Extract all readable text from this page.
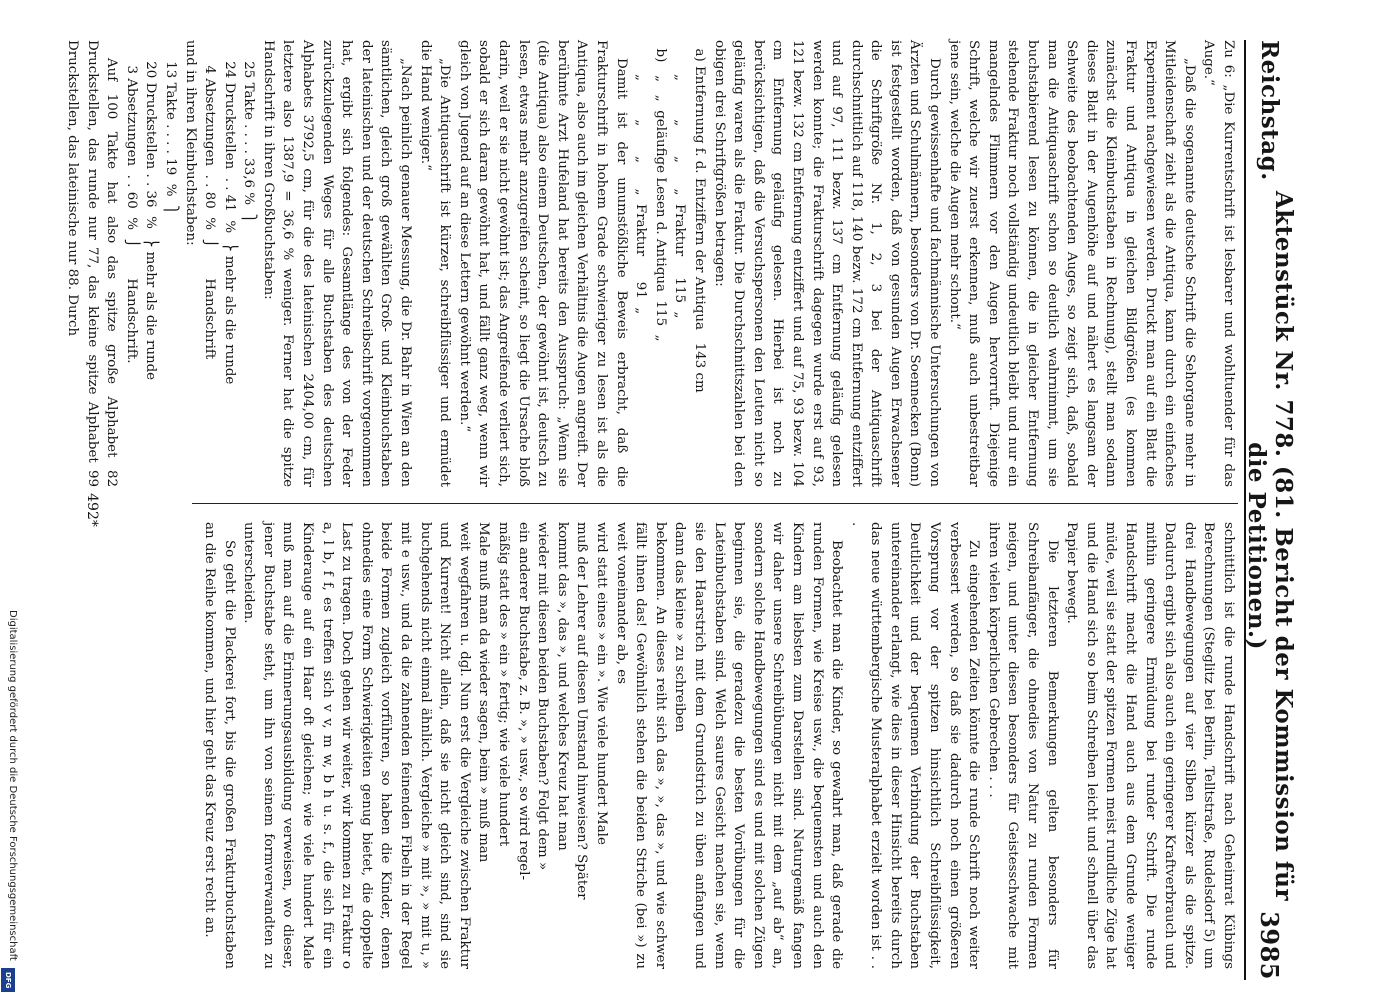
Reichstag.
Aktenstück Nr. 778. (81. Bericht der Kommission für die Petitionen.)
3985

Zu 6: „Die Kurrentschrift ist lesbarer und wohltuender für das Auge.“

„Daß die sogenannte deutsche Schrift die Sehorgane mehr in Mitleidenschaft zieht als die Antiqua, kann durch ein einfaches Experiment nachgewiesen werden. Druckt man auf ein Blatt die Fraktur und Antiqua in gleichen Bildgrößen (es kommen zunächst die Kleinbuchstaben in Rechnung), stellt man sodann dieses Blatt in der Augenhöhe auf und nähert es langsam der Sehweite des beobachtenden Auges, so zeigt sich, daß, sobald man die Antiquaschrift schon so deutlich wahrnimmt, um sie buchstabierend lesen zu können, die in gleicher Entfernung stehende Fraktur noch vollständig undeutlich bleibt und nur ein mangelndes Flimmern vor den Augen hervorruft. Diejenige Schrift, welche wir zuerst erkennen, muß auch unbestreitbar jene sein, welche die Augen mehr schont.“

Durch gewissenhafte und fachmännische Untersuchungen von Ärzten und Schulmännern, besonders von Dr. Soennecken (Bonn) ist festgestellt worden, daß von gesunden Augen Erwachsener die Schriftgröße Nr. 1, 2, 3 bei der Antiquaschrift durchschnittlich auf 118, 140 bezw. 172 cm Entfernung entziffert und auf 97, 111 bezw. 137 cm Entfernung geläufig gelesen werden konnte; die Frakturschrift dagegen wurde erst auf 93, 121 bezw. 132 cm Entfernung entziffert und auf 75, 93 bezw. 104 cm Entfernung geläufig gelesen. Hierbei ist noch zu berücksichtigen, daß die Versuchspersonen den Leuten nicht so geläufig waren als die Fraktur. Die Durchschnittszahlen bei den obigen drei Schriftgrößen betragen:

a) Entfernung f. d. Entziffern der Antiqua   143 cm

„         „       „      „  Fraktur     115  „

b)   „   „  geläufige Lesen d. Antiqua  115  „

„         „       „      „  Fraktur      91  „

Damit ist der unumstößliche Beweis erbracht, daß die Frakturschrift in hohem Grade schwieriger zu lesen ist als die Antiqua, also auch im gleichen Verhältnis die Augen angreift. Der berühmte Arzt Hufeland hat bereits den Ausspruch: „Wenn sie (die Antiqua) also einem Deutschen, der gewöhnt ist, deutsch zu lesen, etwas mehr anzugreifen scheint, so liegt die Ursache bloß darin, weil er sie nicht gewöhnt ist; das Angreifende verliert sich, sobald er sich daran gewöhnt hat, und fällt ganz weg, wenn wir gleich von Jugend auf an diese Lettern gewöhnt werden.“

„Die Antiquaschrift ist kürzer, schreibflüssiger und ermüdet die Hand weniger.“

„Nach peinlich genauer Messung, die Dr. Bahr in Wien an den sämtlichen, gleich groß gewählten Groß- und Kleinbuchstaben der lateinischen und der deutschen Schreibschrift vorgenommen hat, ergibt sich folgendes: Gesamtlänge des von der Feder zurückzulegenden Weges für alle Buchstaben des deutschen Alphabets 3792,5 cm, für die des lateinischen 2404,00 cm, für letztere also 1387,9 = 36,6 % weniger. Ferner hat die spitze Handschrift in ihren Großbuchstaben:

25 Takte . . . . 33,6 %  ⎫

24 Druckstellen  . . 41  %  ⎬ mehr als die runde

4 Absetzungen  . . 80  %  ⎭       Handschrift

und in ihren Kleinbuchstaben:

13 Takte . . . . 19  %  ⎫

20 Druckstellen . . 36  %  ⎬ mehr als die runde

3 Absetzungen  . . 60  %  ⎭       Handschrift.

Auf 100 Takte hat also das spitze große Alphabet 82 Druckstellen, das runde nur 77, das kleine spitze Alphabet 99 Druckstellen, das lateinische nur 88. Durch

schnittlich ist die runde Handschrift nach Geheimrat Kübings Berechnungen (Steglitz bei Berlin, Telltstraße, Rudelsdorf 5) um drei Handbewegungen auf vier Silben kürzer als die spitze. Dadurch ergibt sich also auch ein geringerer Kraftverbrauch und mithin geringere Ermüdung bei runder Schrift. Die runde Handschrift macht die Hand auch aus dem Grunde weniger müde, weil sie statt der spitzen Formen meist rundliche Züge hat und die Hand sich so beim Schreiben leicht und schnell über das Papier bewegt.

Die letzteren Bemerkungen gelten besonders für Schreibanfänger, die ohnedies von Natur zu runden Formen neigen, und unter diesen besonders für Geistesschwache mit ihren vielen körperlichen Gebrechen . . .

Zu eingehenden Zeiten könnte die runde Schrift noch weiter verbessert werden, so daß sie dadurch noch einen größeren Vorsprung vor der spitzen hinsichtlich Schreibflüssigkeit, Deutlichkeit und der bequemen Verbindung der Buchstaben untereinander erlangt, wie dies in dieser Hinsicht bereits durch das neue württembergische Musteralphabet erzielt worden ist . . .

Beobachtet man die Kinder, so gewahrt man, daß gerade die runden Formen, wie Kreise usw., die bequemsten und auch den Kindern am liebsten zum Darstellen sind. Naturgemäß fangen wir daher unsere Schreibübungen nicht mit dem „auf ab“ an, sondern solche Handbewegungen sind es und mit solchen Zügen beginnen sie, die geradezu die besten Vorübungen für die Lateinbuchstaben sind. Welch saures Gesicht machen sie, wenn sie den Haarstrich mit dem Grundstrich zu üben anfangen und dann das kleine » zu schreiben

bekommen. An dieses reiht sich das », », das », und wie schwer fällt ihnen das! Gewöhnlich stehen die beiden Striche (bei ») zu weit voneinander ab, es

wird statt eines » ein ». Wie viele hundert Male

muß der Lehrer auf diesen Umstand hinweisen? Später

kommt das », das », und welches Kreuz hat man

wieder mit diesen beiden Buchstaben? Folgt dem »

ein anderer Buchstabe, z. B. », » usw., so wird regel-

mäßig statt des » ein » fertig; wie viele hundert

Male muß man da wieder sagen, beim » muß man

weit wegfahren u. dgl. Nun erst die Vergleiche zwischen Fraktur und Kurrent! Nicht allein, daß sie nicht gleich sind, sind sie buchgehends nicht einmal ähnlich. Vergleiche » mit », » mit u, » mit e usw., und da die zahnenden feinenden Fibeln in der Regel beide Formen zugleich vorführen, so haben die Kinder, denen ohnedies eine Form Schwierigkeiten genug bietet, die doppelte Last zu tragen. Doch gehen wir weiter, wir kommen zu Fraktur o a, l b, f f, es treffen sich v v, m w, b h u. s. f., die sich für ein Kinderauge auf ein Haar oft gleichen; wie viele hundert Male muß man auf die Erinnerungsausbildung verweisen, wo dieser, jener Buchstabe steht, um ihn von seinem formverwandten zu unterscheiden.

So geht die Plackerei fort, bis die großen Frakturbuchstaben an die Reihe kommen, und hier geht das Kreuz erst recht an.

492*
Digitalisierung gefördert durch die Deutsche Forschungsgemeinschaft
DFG
